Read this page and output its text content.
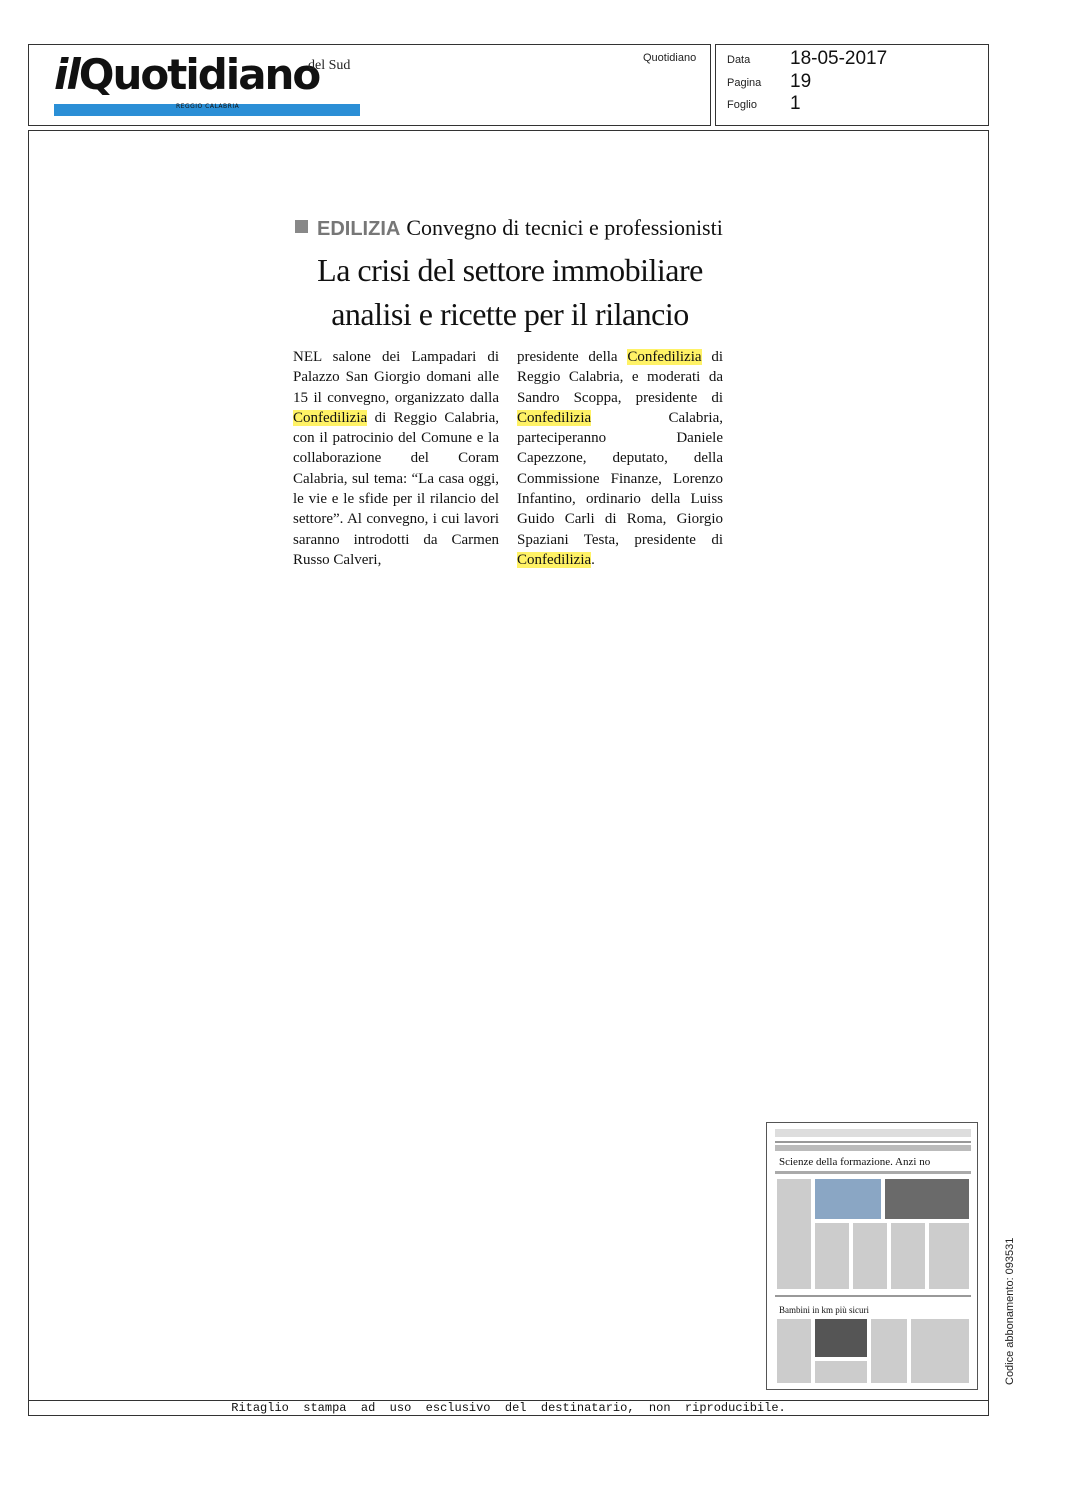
ilQuotidiano
del Sud
REGGIO CALABRIA
Quotidiano	Data 18-05-2017
Pagina 19
Foglio 1
EDILIZIA Convegno di tecnici e professionisti
La crisi del settore immobiliare
analisi e ricette per il rilancio
NEL salone dei Lampadari di Palazzo San Giorgio domani alle 15 il convegno, organizzato dalla Confedilizia di Reggio Calabria, con il patrocinio del Comune e la collaborazione del Coram Calabria, sul tema: “La casa oggi, le vie e le sfide per il rilancio del settore”. Al convegno, i cui lavori saranno introdotti da Carmen Russo Calveri,
presidente della Confedilizia di Reggio Calabria, e moderati da Sandro Scoppa, presidente di Confedilizia Calabria, parteciperanno Daniele Capezzone, deputato, della Commissione Finanze, Lorenzo Infantino, ordinario della Luiss Guido Carli di Roma, Giorgio Spaziani Testa, presidente di Confedilizia.
Scienze della formazione. Anzi no
Bambini in km più sicuri	Codice abbonamento: 093531
Ritaglio  stampa  ad  uso  esclusivo  del  destinatario,  non  riproducibile.
